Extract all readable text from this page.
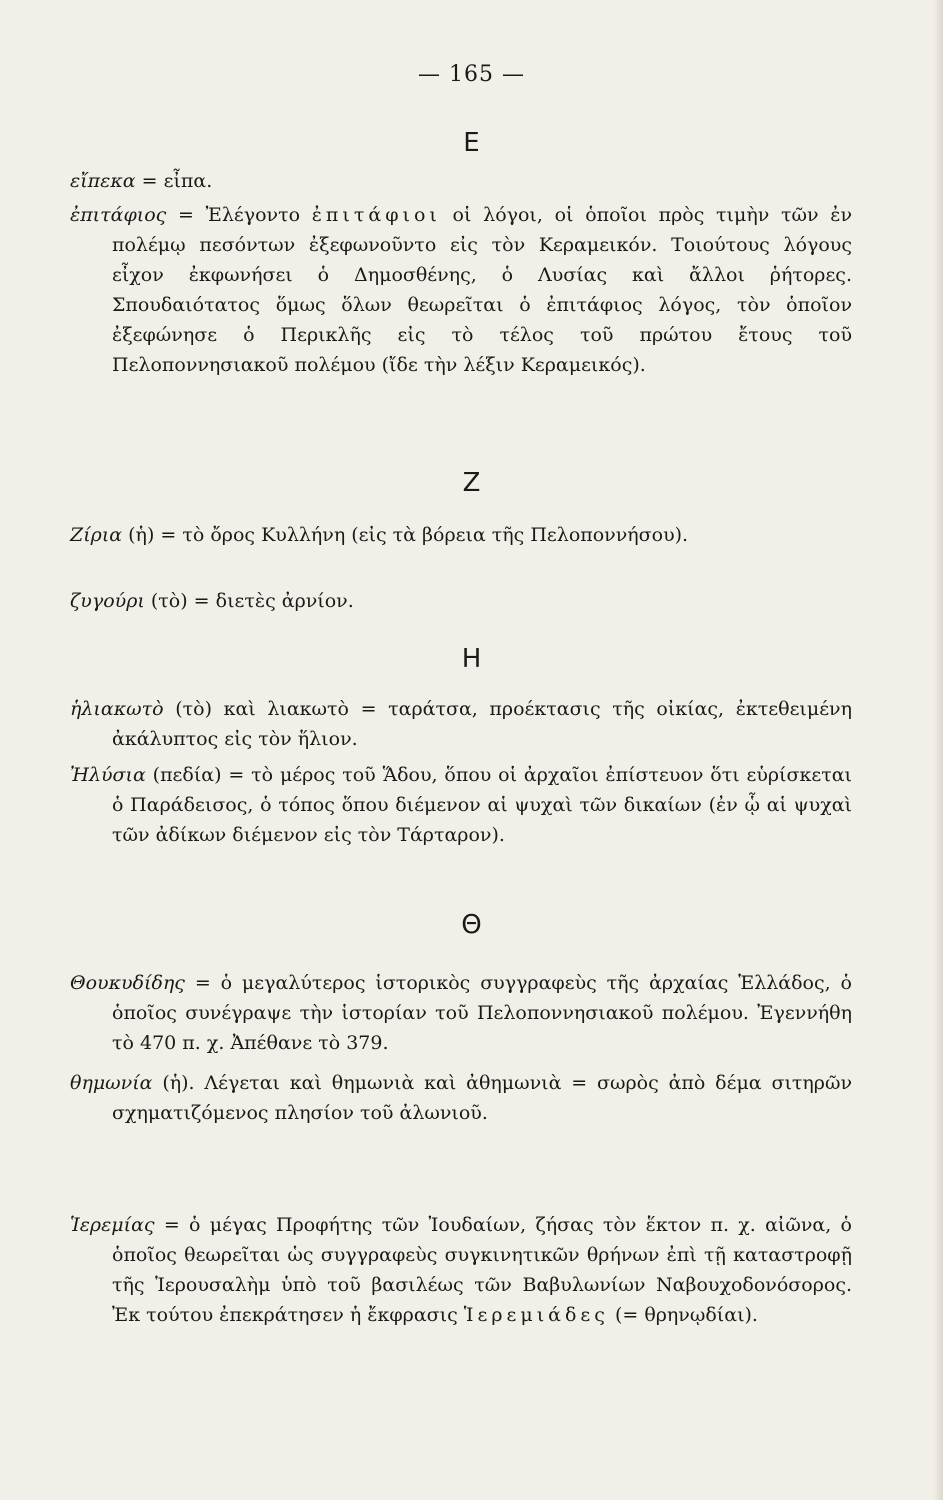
— 165 —
Ε
εἴπεκα = εἶπα.
ἐπιτάφιος = Ἐλέγοντο ἐπιτάφιοι οἱ λόγοι, οἱ ὁποῖοι πρὸς τιμὴν τῶν ἐν πολέμῳ πεσόντων ἐξεφωνοῦντο εἰς τὸν Κεραμεικόν. Τοιούτους λόγους εἶχον ἐκφωνήσει ὁ Δημοσθένης, ὁ Λυσίας καὶ ἄλλοι ῥήτορες. Σπουδαιότατος ὅμως ὅλων θεωρεῖται ὁ ἐπιτάφιος λόγος, τὸν ὁποῖον ἐξεφώνησε ὁ Περικλῆς εἰς τὸ τέλος τοῦ πρώτου ἔτους τοῦ Πελοποννησιακοῦ πολέμου (ἴδε τὴν λέξιν Κεραμεικός).
Ζ
Ζίρια (ἡ) = τὸ ὄρος Κυλλήνη (εἰς τὰ βόρεια τῆς Πελοποννήσου).
ζυγούρι (τὸ) = διετὲς ἀρνίον.
Η
ἡλιακωτὸ (τὸ) καὶ λιακωτὸ = ταράτσα, προέκτασις τῆς οἰκίας, ἐκτεθειμένη ἀκάλυπτος εἰς τὸν ἥλιον.
Ἠλύσια (πεδία) = τὸ μέρος τοῦ Ἅδου, ὅπου οἱ ἀρχαῖοι ἐπίστευον ὅτι εὑρίσκεται ὁ Παράδεισος, ὁ τόπος ὅπου διέμενον αἱ ψυχαὶ τῶν δικαίων (ἐν ᾧ αἱ ψυχαὶ τῶν ἀδίκων διέμενον εἰς τὸν Τάρταρον).
Θ
Θουκυδίδης = ὁ μεγαλύτερος ἱστορικὸς συγγραφεὺς τῆς ἀρχαίας Ἑλλάδος, ὁ ὁποῖος συνέγραψε τὴν ἱστορίαν τοῦ Πελοποννησιακοῦ πολέμου. Ἐγεννήθη τὸ 470 π. χ. Ἀπέθανε τὸ 379.
θημωνία (ἡ). Λέγεται καὶ θημωνιὰ καὶ ἀθημωνιὰ = σωρὸς ἀπὸ δέμα σιτηρῶν σχηματιζόμενος πλησίον τοῦ ἀλωνιοῦ.
Ἱερεμίας = ὁ μέγας Προφήτης τῶν Ἰουδαίων, ζήσας τὸν ἕκτον π. χ. αἰῶνα, ὁ ὁποῖος θεωρεῖται ὡς συγγραφεὺς συγκινητικῶν θρήνων ἐπὶ τῇ καταστροφῇ τῆς Ἱερουσαλὴμ ὑπὸ τοῦ βασιλέως τῶν Βαβυλωνίων Ναβουχοδονόσορος. Ἐκ τούτου ἐπεκράτησεν ἡ ἔκφρασις Ἱερεμιάδες (= θρηνῳδίαι).
